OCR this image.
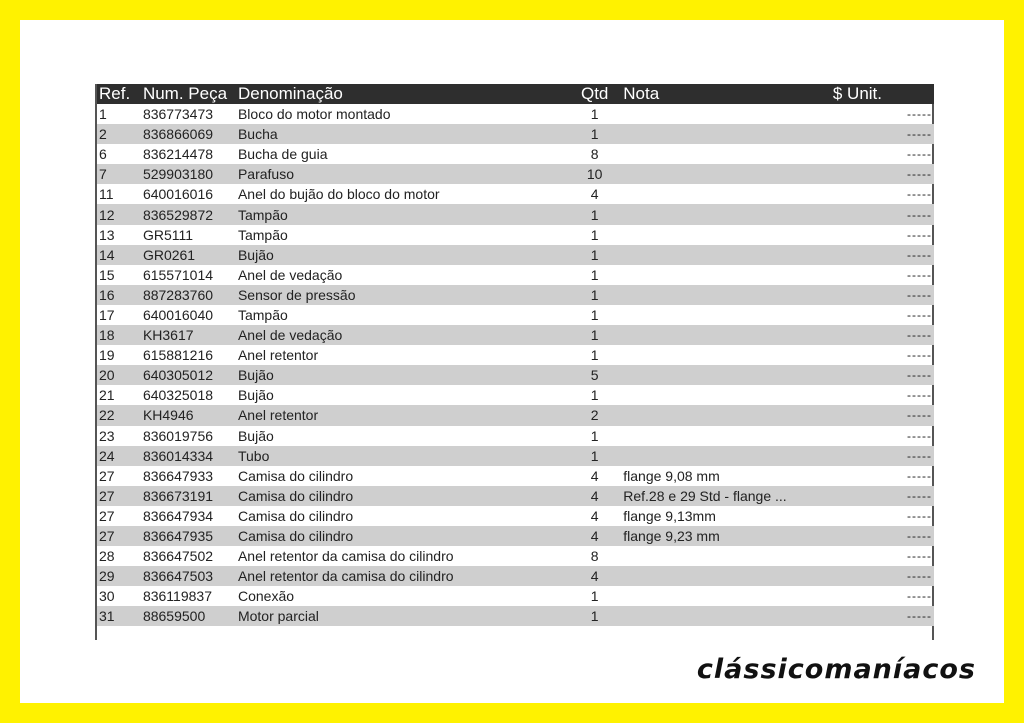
Ref.	Num. Peça	Denominação	Qtd	Nota	$ Unit.
1	836773473	Bloco do motor montado	1		-----
2	836866069	Bucha	1		-----
6	836214478	Bucha de guia	8		-----
7	529903180	Parafuso	10		-----
11	640016016	Anel do bujão do bloco do motor	4		-----
12	836529872	Tampão	1		-----
13	GR5111	Tampão	1		-----
14	GR0261	Bujão	1		-----
15	615571014	Anel de vedação	1		-----
16	887283760	Sensor de pressão	1		-----
17	640016040	Tampão	1		-----
18	KH3617	Anel de vedação	1		-----
19	615881216	Anel retentor	1		-----
20	640305012	Bujão	5		-----
21	640325018	Bujão	1		-----
22	KH4946	Anel retentor	2		-----
23	836019756	Bujão	1		-----
24	836014334	Tubo	1		-----
27	836647933	Camisa do cilindro	4	flange 9,08 mm	-----
27	836673191	Camisa do cilindro	4	Ref.28 e 29 Std - flange ...	-----
27	836647934	Camisa do cilindro	4	flange 9,13mm	-----
27	836647935	Camisa do cilindro	4	flange 9,23 mm	-----
28	836647502	Anel retentor da camisa do cilindro	8		-----
29	836647503	Anel retentor da camisa do cilindro	4		-----
30	836119837	Conexão	1		-----
31	88659500	Motor parcial	1		-----
clássicomaníacos
